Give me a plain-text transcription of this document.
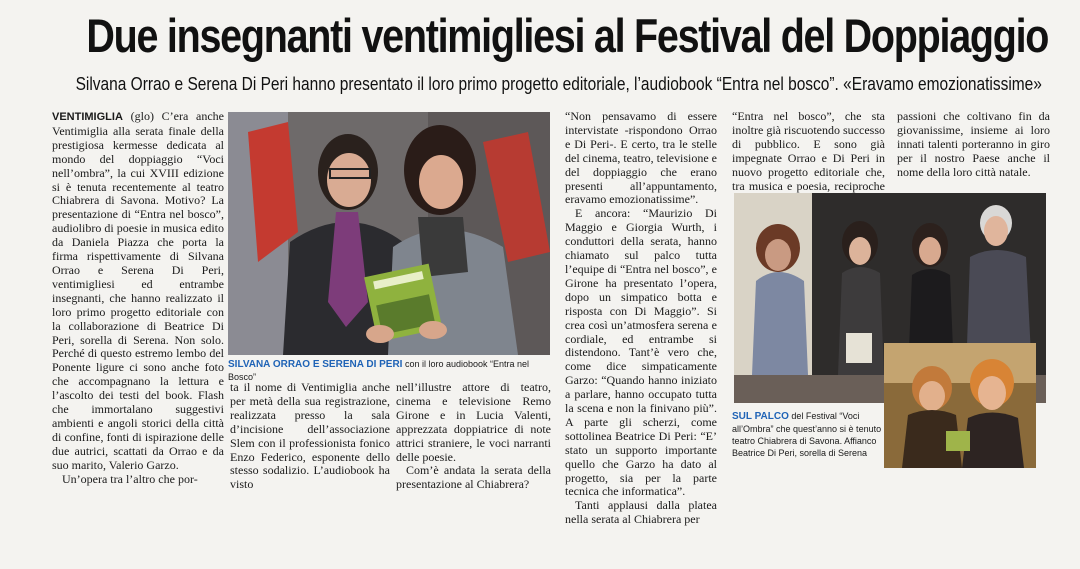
Due insegnanti ventimigliesi al Festival del Doppiaggio
Silvana Orrao e Serena Di Peri hanno presentato il loro primo progetto editoriale, l’audiobook “Entra nel bosco”. «Eravamo emozionatissime»

VENTIMIGLIA (glo) C’era anche Ventimiglia alla serata finale della prestigiosa kermesse dedicata al mondo del doppiaggio “Voci nell’ombra”, la cui XVIII edizione si è tenuta recentemente al teatro Chiabrera di Savona. Motivo? La presentazione di “Entra nel bosco”, audiolibro di poesie in musica edito da Daniela Piazza che porta la firma rispettivamente di Silvana Orrao e Serena Di Peri, ventimigliesi ed entrambe insegnanti, che hanno realizzato il loro primo progetto editoriale con la collaborazione di Beatrice Di Peri, sorella di Serena. Non solo. Perché di questo estremo lembo del Ponente ligure ci sono anche foto che accompagnano la lettura e l’ascolto dei testi del book. Flash che immortalano suggestivi ambienti e angoli storici della città di confine, fonti di ispirazione delle due autrici, scattati da Orrao e da suo marito, Valerio Garzo.

Un’opera tra l’altro che por-

SILVANA ORRAO E SERENA DI PERI con il loro audiobook “Entra nel Bosco”

ta il nome di Ventimiglia anche per metà della sua registrazione, realizzata presso la sala d’incisione dell’associazione Slem con il professionista fonico Enzo Federico, esponente dello stesso sodalizio. L’audiobook ha visto

nell’illustre attore di teatro, cinema e televisione Remo Girone e in Lucia Valenti, apprezzata doppiatrice di note attrici straniere, le voci narranti delle poesie.

Com’è andata la serata della presentazione al Chiabrera?

“Non pensavamo di essere intervistate -rispondono Orrao e Di Peri-. E certo, tra le stelle del cinema, teatro, televisione e del doppiaggio che erano presenti all’appuntamento, eravamo emozionatissime”.

E ancora: “Maurizio Di Maggio e Giorgia Wurth, i conduttori della serata, hanno chiamato sul palco tutta l’equipe di “Entra nel bosco”, e Girone ha presentato l’opera, dopo un simpatico botta e risposta con Di Maggio”. Si crea così un’atmosfera serena e cordiale, ed entrambe si distendono. Tant’è vero che, come dice simpaticamente Garzo: “Quando hanno iniziato a parlare, hanno occupato tutta la scena e non la finivano più”. A parte gli scherzi, come sottolinea Beatrice Di Peri: “E’ stato un supporto importante quello che Garzo ha dato al progetto, sia per la parte tecnica che informatica”.

Tanti applausi dalla platea nella serata al Chiabrera per

“Entra nel bosco”, che sta inoltre già riscuotendo successo di pubblico. E sono già impegnate Orrao e Di Peri in nuovo progetto editoriale che, tra musica e poesia, reciproche passioni che coltivano fin da giovanissime, insieme ai loro innati talenti porteranno in giro per il nostro Paese anche il nome della loro città natale.

SUL PALCO del Festival “Voci all’Ombra” che quest’anno si è tenuto teatro Chiabrera di Savona. Affianco Beatrice Di Peri, sorella di Serena
